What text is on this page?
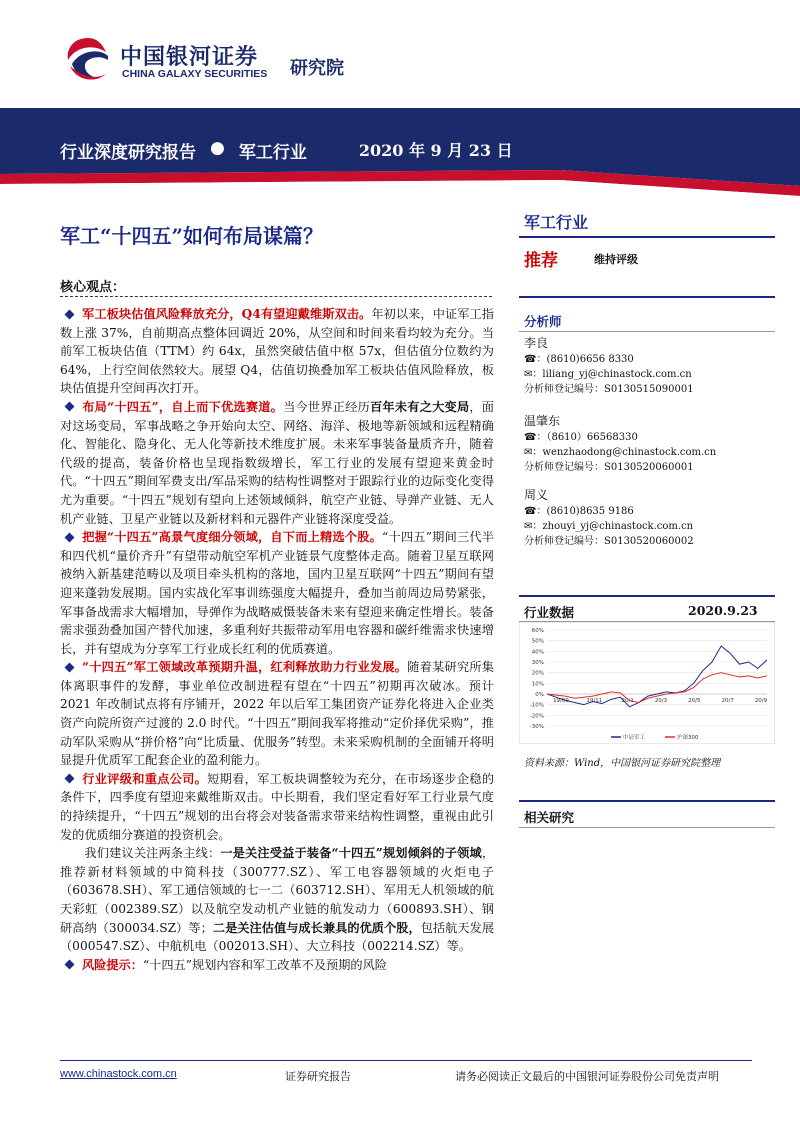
中国银河证券
CHINA GALAXY SECURITIES 研究院
行业深度研究报告 ● 军工行业	2020 年 9 月 23 日
军工“十四五”如何布局谋篇？
核心观点：

军工板块估值风险释放充分，Q4有望迎戴维斯双击。年初以来，中证军工指数上涨 37%，自前期高点整体回调近 20%，从空间和时间来看均较为充分。当前军工板块估值（TTM）约 64x，虽然突破估值中枢 57x，但估值分位数约为 64%，上行空间依然较大。展望 Q4，估值切换叠加军工板块估值风险释放，板块估值提升空间再次打开。

布局“十四五”，自上而下优选赛道。当今世界正经历百年未有之大变局，面对这场变局，军事战略之争开始向太空、网络、海洋、极地等新领域和远程精确化、智能化、隐身化、无人化等新技术维度扩展。未来军事装备量质齐升，随着代级的提高，装备价格也呈现指数级增长，军工行业的发展有望迎来黄金时代。“十四五”期间军费支出/军品采购的结构性调整对于跟踪行业的边际变化变得尤为重要。“十四五”规划有望向上述领域倾斜，航空产业链、导弹产业链、无人机产业链、卫星产业链以及新材料和元器件产业链将深度受益。

把握“十四五”高景气度细分领域，自下而上精选个股。“十四五”期间三代半和四代机“量价齐升”有望带动航空军机产业链景气度整体走高。随着卫星互联网被纳入新基建范畴以及项目牵头机构的落地，国内卫星互联网“十四五”期间有望迎来蓬勃发展期。国内实战化军事训练强度大幅提升，叠加当前周边局势紧张，军事备战需求大幅增加，导弹作为战略威慑装备未来有望迎来确定性增长。装备需求强劲叠加国产替代加速，多重利好共振带动军用电容器和碳纤维需求快速增长，并有望成为分享军工行业成长红利的优质赛道。

“十四五”军工领域改革预期升温，红利释放助力行业发展。随着某研究所集体离职事件的发酵，事业单位改制进程有望在“十四五”初期再次破冰。预计 2021 年改制试点将有序铺开，2022 年以后军工集团资产证券化将进入企业类资产向院所资产过渡的 2.0 时代。“十四五”期间我军将推动“定价择优采购”，推动军队采购从“拼价格”向“比质量、优服务”转型。未来采购机制的全面铺开将明显提升优质军工配套企业的盈利能力。

行业评级和重点公司。短期看，军工板块调整较为充分，在市场逐步企稳的条件下，四季度有望迎来戴维斯双击。中长期看，我们坚定看好军工行业景气度的持续提升，“十四五”规划的出台将会对装备需求带来结构性调整，重视由此引发的优质细分赛道的投资机会。

我们建议关注两条主线：一是关注受益于装备“十四五”规划倾斜的子领域，推荐新材料领域的中简科技（300777.SZ）、军工电容器领域的火炬电子（603678.SH）、军工通信领域的七一二（603712.SH）、军用无人机领域的航天彩虹（002389.SZ）以及航空发动机产业链的航发动力（600893.SH）、钢研高纳（300034.SZ）等；二是关注估值与成长兼具的优质个股，包括航天发展（000547.SZ）、中航机电（002013.SH）、大立科技（002214.SZ）等。

风险提示：“十四五”规划内容和军工改革不及预期的风险

军工行业
推荐	维持评级
分析师
李良
☎：(8610)6656 8330
✉：liliang_yj@chinastock.com.cn
分析师登记编号：S0130515090001
温肇东
☎：（8610）66568330
✉：wenzhaodong@chinastock.com.cn
分析师登记编号：S0130520060001
周义
☎：(8610)8635 9186
✉：zhouyi_yj@chinastock.com.cn
分析师登记编号：S0130520060002
行业数据	2020.9.23
60%
50%
40%
30%
20%
10%
0%
-10%
-20%
-30%
19/09	19/11	20/1	20/3	20/5	20/7	20/9
中证军工	沪深300
资料来源：Wind，中国银河证券研究院整理
相关研究
www.chinastock.com.cn	证券研究报告	请务必阅读正文最后的中国银河证券股份公司免责声明
